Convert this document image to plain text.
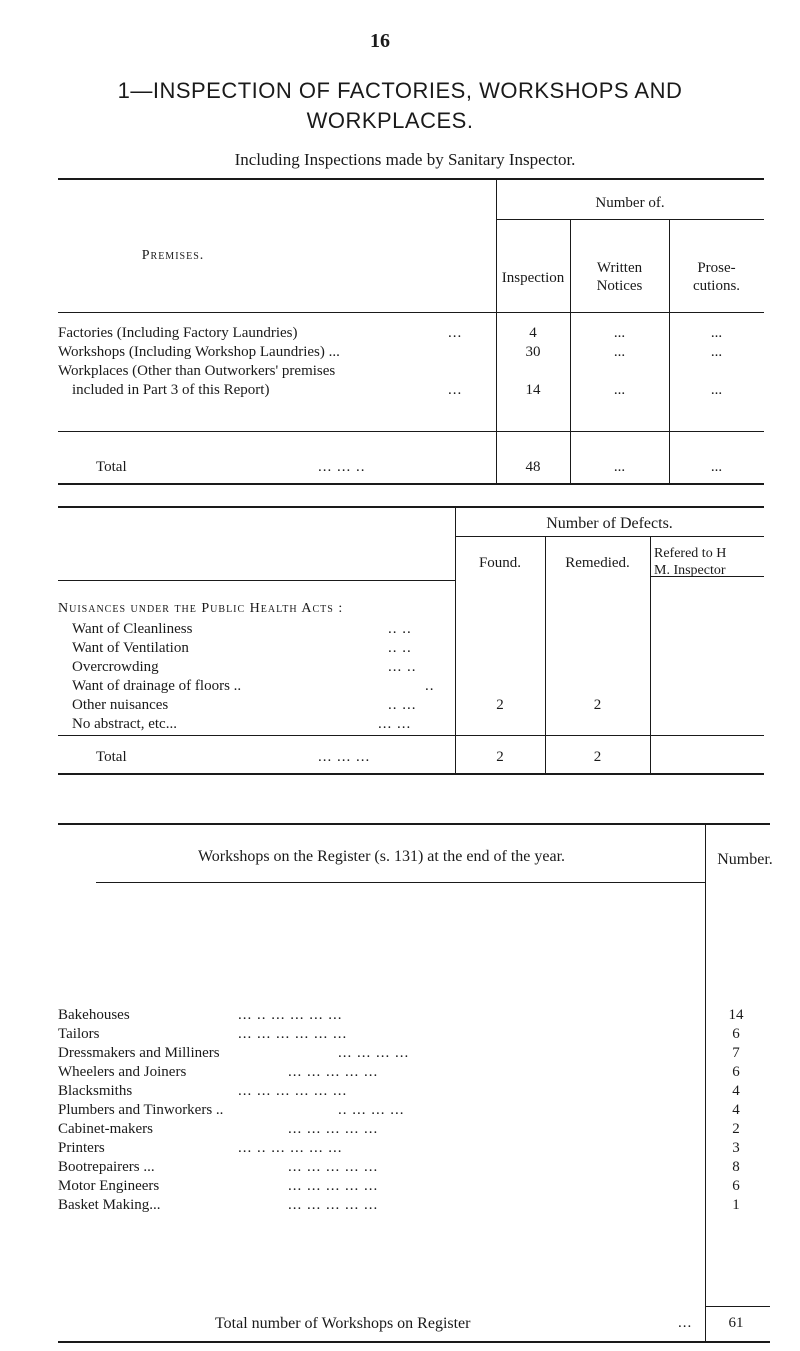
16
1—INSPECTION OF FACTORIES, WORKSHOPS AND
WORKPLACES.
Including Inspections made by Sanitary Inspector.
Premises.
Number of.
Inspection
Written
Notices
Prose-
cutions.
Factories (Including Factory Laundries)	...	4	...	...
Workshops (Including Workshop Laundries) ...	30	...	...
Workplaces (Other than Outworkers' premises
included in Part 3 of this Report)	...	14	...	...
Total	... ... ..	48	...	...
Number of Defects.
Found.	Remedied.
Refered to H
M. Inspector
Nuisances under the Public Health Acts :
Want of Cleanliness	.. ..
Want of Ventilation	.. ..
Overcrowding	... ..
Want of drainage of floors ..	..
Other nuisances	.. ...	2	2
No abstract, etc...	... ...
Total	... ... ...	2	2
Workshops on the Register (s. 131) at the end of the year.	Number.
Bakehouses	... .. ... ... ... ...	14
Tailors	... ... ... ... ... ...	6
Dressmakers and Milliners	... ... ... ...	7
Wheelers and Joiners	... ... ... ... ...	6
Blacksmiths	... ... ... ... ... ...	4
Plumbers and Tinworkers ..	.. ... ... ...	4
Cabinet-makers	... ... ... ... ...	2
Printers	... .. ... ... ... ...	3
Bootrepairers ...	... ... ... ... ...	8
Motor Engineers	... ... ... ... ...	6
Basket Making...	... ... ... ... ...	1
Total number of Workshops on Register	...	61
